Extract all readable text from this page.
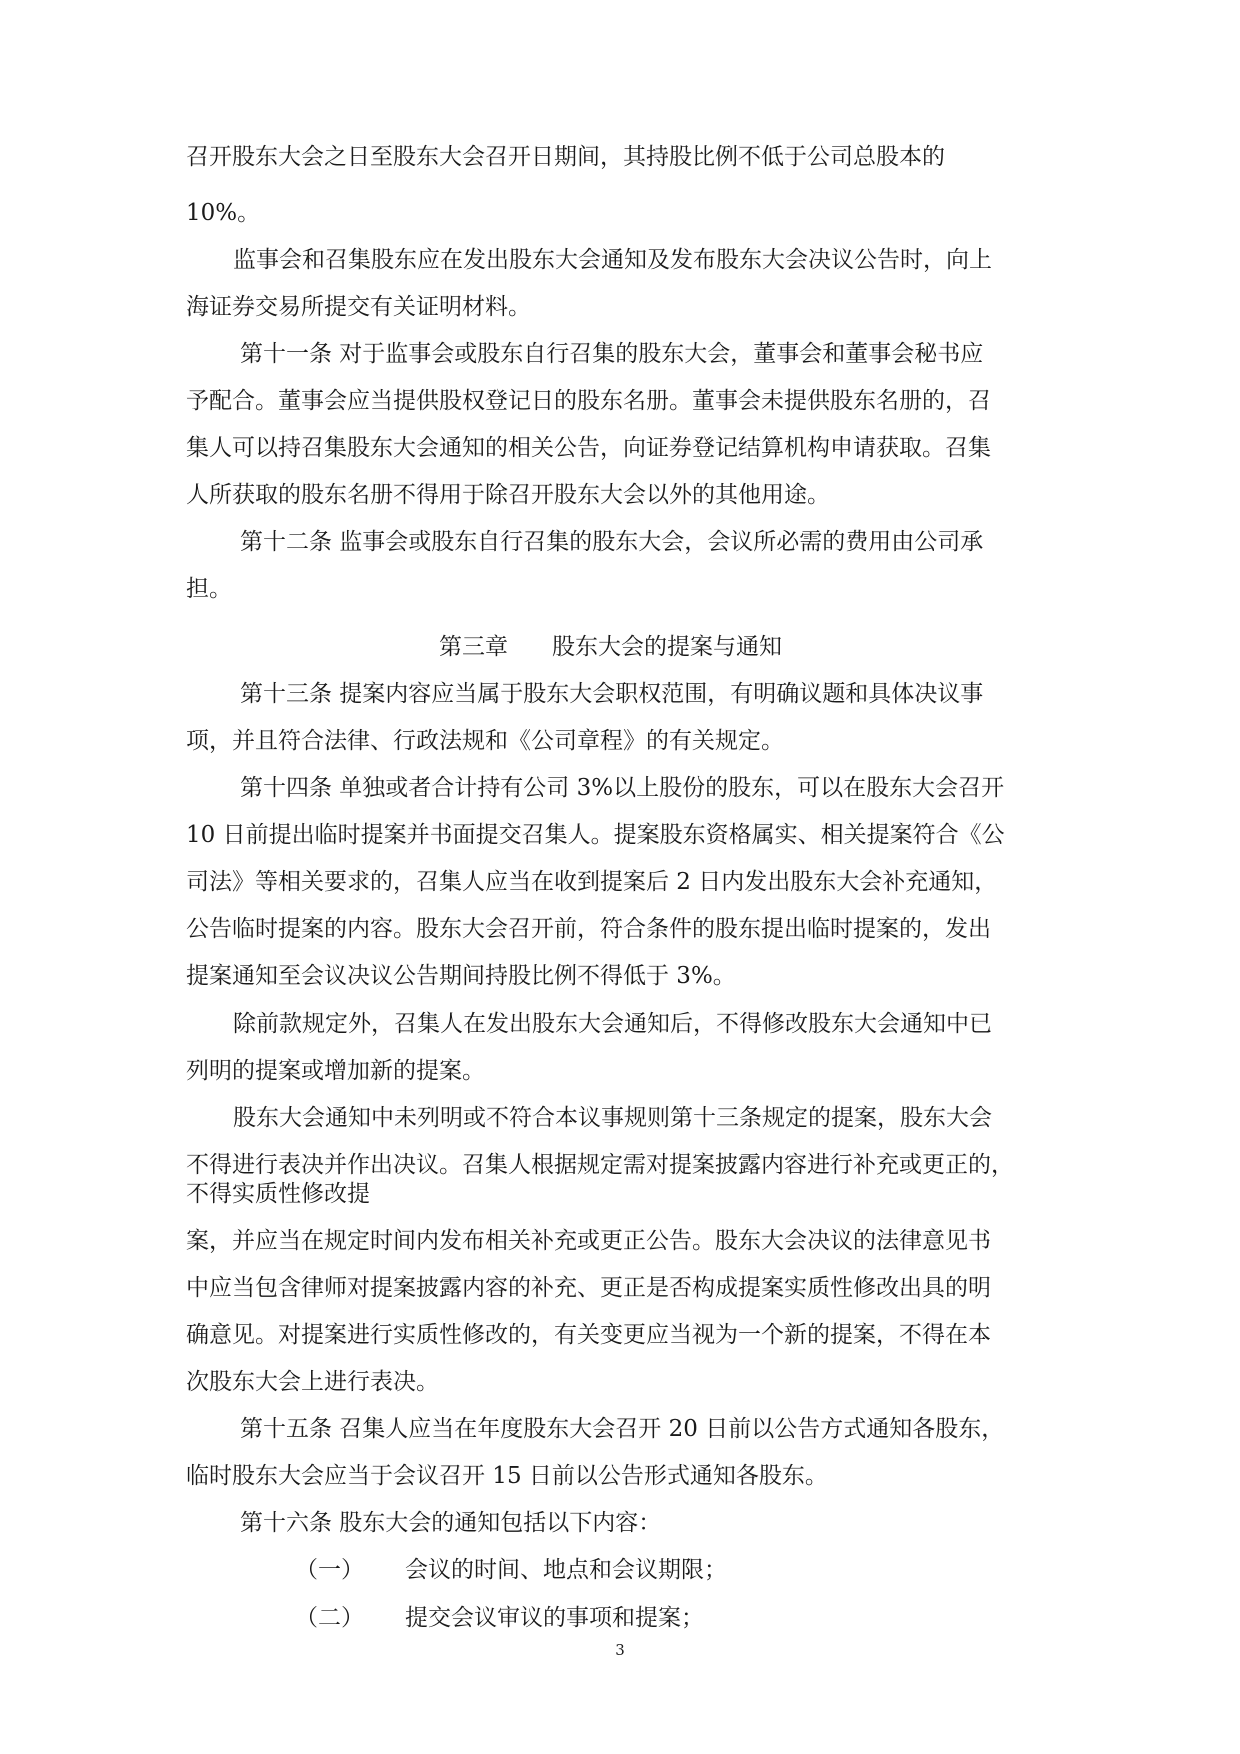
召开股东大会之日至股东大会召开日期间，其持股比例不低于公司总股本的
10%。
监事会和召集股东应在发出股东大会通知及发布股东大会决议公告时，向上
海证券交易所提交有关证明材料。
第十一条 对于监事会或股东自行召集的股东大会，董事会和董事会秘书应
予配合。董事会应当提供股权登记日的股东名册。董事会未提供股东名册的，召
集人可以持召集股东大会通知的相关公告，向证券登记结算机构申请获取。召集
人所获取的股东名册不得用于除召开股东大会以外的其他用途。
第十二条 监事会或股东自行召集的股东大会，会议所必需的费用由公司承
担。
第三章 股东大会的提案与通知
第十三条 提案内容应当属于股东大会职权范围，有明确议题和具体决议事
项，并且符合法律、行政法规和《公司章程》的有关规定。
第十四条 单独或者合计持有公司 3%以上股份的股东，可以在股东大会召开
10 日前提出临时提案并书面提交召集人。提案股东资格属实、相关提案符合《公
司法》等相关要求的，召集人应当在收到提案后 2 日内发出股东大会补充通知，
公告临时提案的内容。股东大会召开前，符合条件的股东提出临时提案的，发出
提案通知至会议决议公告期间持股比例不得低于 3%。
除前款规定外，召集人在发出股东大会通知后，不得修改股东大会通知中已
列明的提案或增加新的提案。
股东大会通知中未列明或不符合本议事规则第十三条规定的提案，股东大会
不得进行表决并作出决议。召集人根据规定需对提案披露内容进行补充或更正的，
不得实质性修改提
案，并应当在规定时间内发布相关补充或更正公告。股东大会决议的法律意见书
中应当包含律师对提案披露内容的补充、更正是否构成提案实质性修改出具的明
确意见。对提案进行实质性修改的，有关变更应当视为一个新的提案，不得在本
次股东大会上进行表决。
第十五条 召集人应当在年度股东大会召开 20 日前以公告方式通知各股东，
临时股东大会应当于会议召开 15 日前以公告形式通知各股东。
第十六条 股东大会的通知包括以下内容：
（一） 会议的时间、地点和会议期限；
（二） 提交会议审议的事项和提案；
3
